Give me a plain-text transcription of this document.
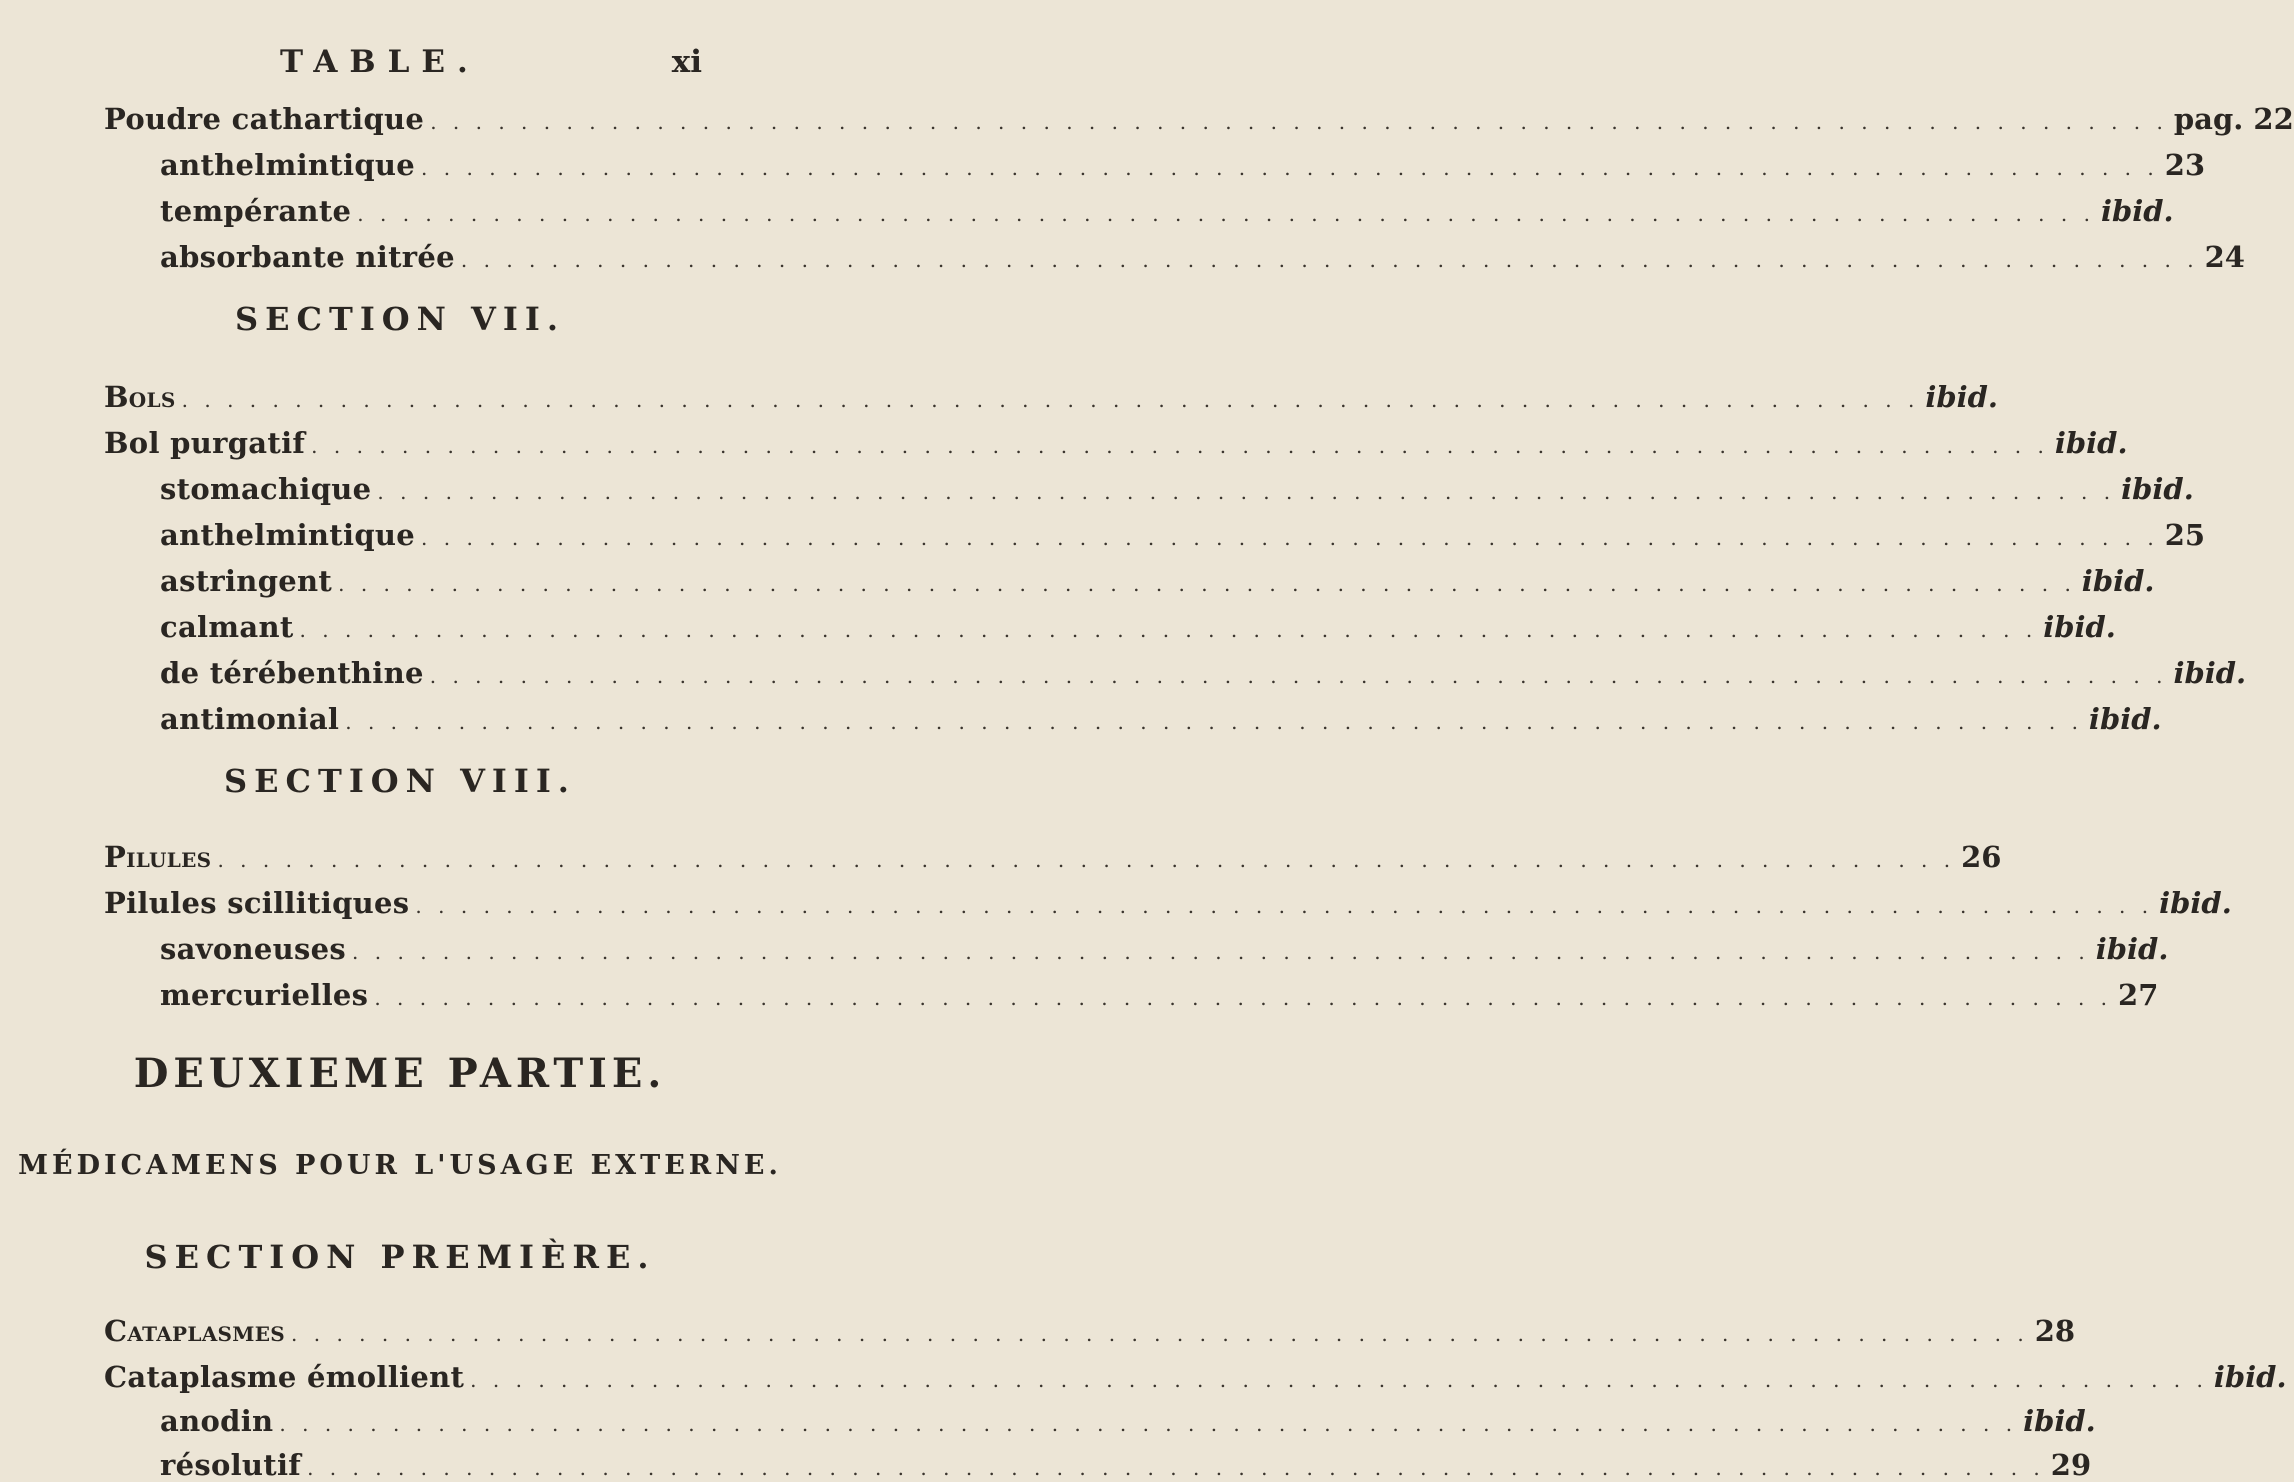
TABLE.	xi
Poudre cathartique . . .	pag. 22
anthelmintique . . .	23
tempérante . . .	ibid.
absorbante nitrée . . .	24
SECTION VII.
Bols . . .	ibid.
Bol purgatif . . .	ibid.
stomachique . . .	ibid.
anthelmintique . . .	25
astringent . . .	ibid.
calmant . . .	ibid.
de térébenthine . . .	ibid.
antimonial . . .	ibid.
SECTION VIII.
Pilules . . .	26
Pilules scillitiques . . .	ibid.
savoneuses . . .	ibid.
mercurielles . . .	27
DEUXIEME PARTIE.
MÉDICAMENS POUR L'USAGE EXTERNE.
SECTION PREMIÈRE.
Cataplasmes . . .	28
Cataplasme émollient . . .	ibid.
anodin . . .	ibid.
résolutif . . .	29
